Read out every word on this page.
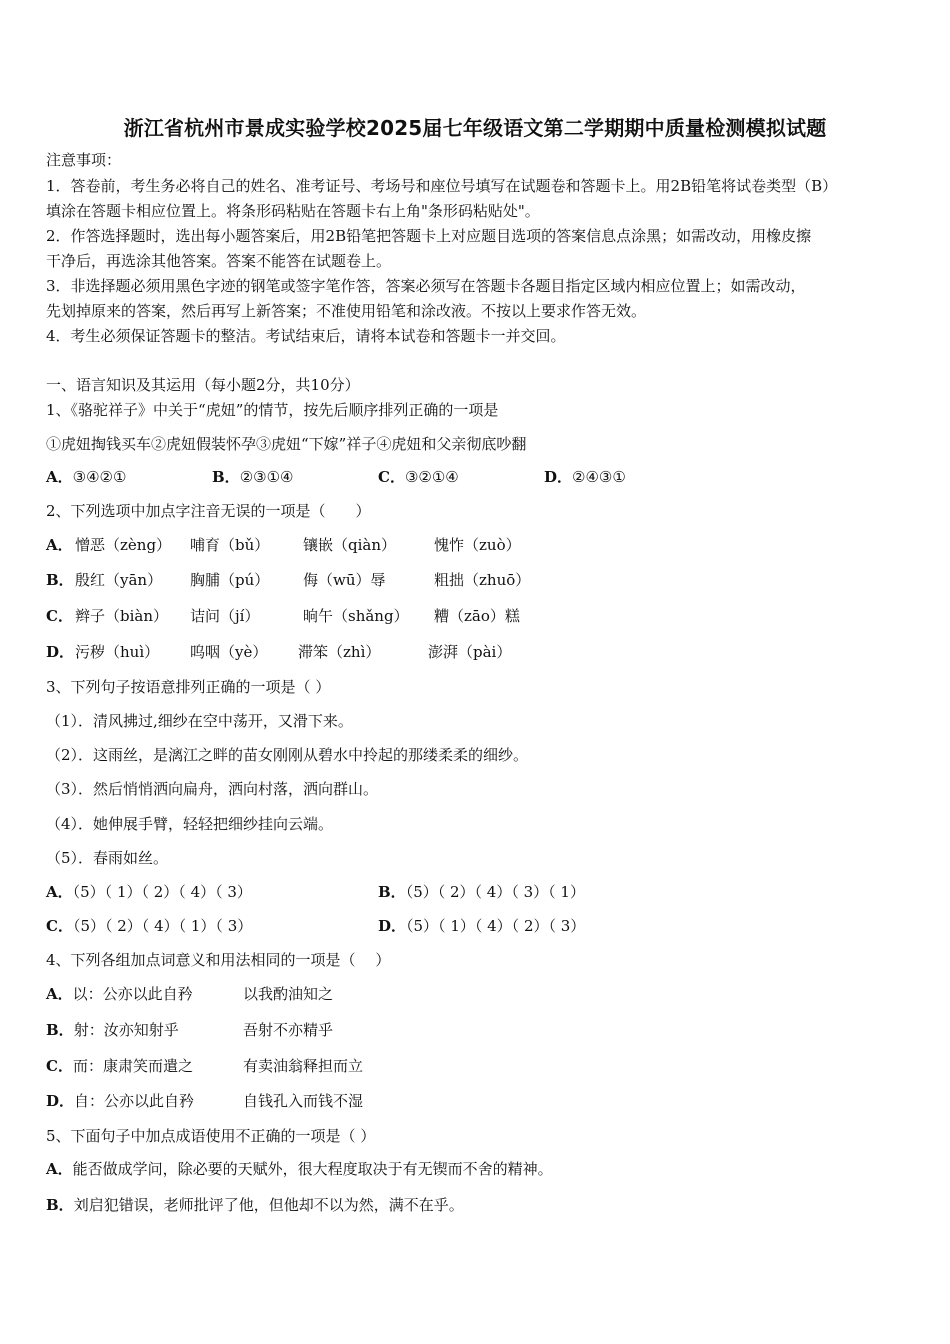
浙江省杭州市景成实验学校2025届七年级语文第二学期期中质量检测模拟试题
注意事项：
1．答卷前，考生务必将自己的姓名、准考证号、考场号和座位号填写在试题卷和答题卡上。用2B铅笔将试卷类型（B）
填涂在答题卡相应位置上。将条形码粘贴在答题卡右上角"条形码粘贴处"。
2．作答选择题时，选出每小题答案后，用2B铅笔把答题卡上对应题目选项的答案信息点涂黑；如需改动，用橡皮擦
干净后，再选涂其他答案。答案不能答在试题卷上。
3．非选择题必须用黑色字迹的钢笔或签字笔作答，答案必须写在答题卡各题目指定区域内相应位置上；如需改动，
先划掉原来的答案，然后再写上新答案；不准使用铅笔和涂改液。不按以上要求作答无效。
4．考生必须保证答题卡的整洁。考试结束后，请将本试卷和答题卡一并交回。
一、语言知识及其运用（每小题2分，共10分）
1、《骆驼祥子》中关于“虎妞”的情节，按先后顺序排列正确的一项是
①虎妞掏钱买车②虎妞假装怀孕③虎妞“下嫁”祥子④虎妞和父亲彻底吵翻
A．③④②①	B．②③①④	C．③②①④	D．②④③①
2、下列选项中加点字注音无误的一项是（　　）
A． 憎恶（zèng） 哺育（bǔ） 镶嵌（qiàn）	愧怍（zuò）
B． 殷红（yān） 胸脯（pú） 侮（wū）辱	粗拙（zhuō）
C． 辫子（biàn） 诘问（jí）	晌午（shǎng） 糟（zāo）糕
D． 污秽（huì） 呜咽（yè） 滞笨（zhì）	澎湃（pài）
3、下列句子按语意排列正确的一项是（ ）
（1）．清风拂过,细纱在空中荡开，又滑下来。
（2）．这雨丝，是漓江之畔的苗女刚刚从碧水中拎起的那缕柔柔的细纱。
（3）．然后悄悄洒向扁舟，洒向村落，洒向群山。
（4）．她伸展手臂，轻轻把细纱挂向云端。
（5）．春雨如丝。
A．（5）（ 1）（ 2）（ 4）（ 3）	B．（5）（ 2）（ 4）（ 3）（ 1）
C．（5）（ 2）（ 4）（ 1）（ 3）	D．（5）（ 1）（ 4）（ 2）（ 3）
4、下列各组加点词意义和用法相同的一项是（　 ）
A．以：公亦以此自矜	以我酌油知之
B．射：汝亦知射乎	吾射不亦精乎
C．而：康肃笑而遣之	有卖油翁释担而立
D．自：公亦以此自矜	自钱孔入而钱不湿
5、下面句子中加点成语使用不正确的一项是（ ）
A．能否做成学问，除必要的天赋外，很大程度取决于有无锲而不舍的精神。
B．刘启犯错误，老师批评了他，但他却不以为然，满不在乎。
